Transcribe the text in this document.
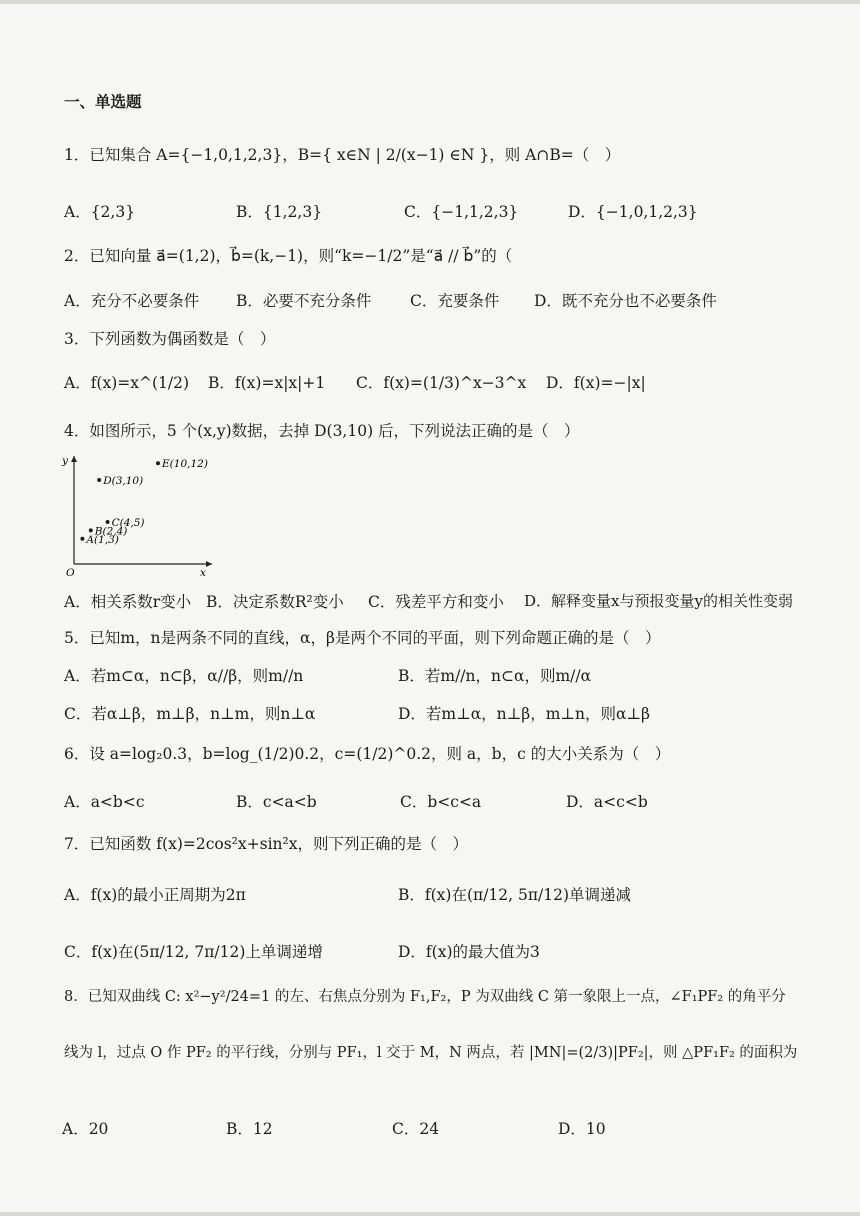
一、单选题
1．已知集合 A={−1,0,1,2,3}，B={ x∈N | 2/(x−1) ∈N }，则 A∩B=（　）
A．{2,3}	B．{1,2,3}	C．{−1,1,2,3}	D．{−1,0,1,2,3}
2．已知向量 a⃗=(1,2)，b⃗=(k,−1)，则“k=−1/2”是“a⃗ // b⃗”的（
A．充分不必要条件 B．必要不充分条件 C．充要条件 D．既不充分也不必要条件
3．下列函数为偶函数是（　）
A．f(x)=x^(1/2) B．f(x)=x|x|+1 C．f(x)=(1/3)^x−3^x D．f(x)=−|x|
4．如图所示，5 个(x,y)数据，去掉 D(3,10) 后，下列说法正确的是（　）
x
y
O
A(1,3)
B(2,4)
C(4,5)
D(3,10)
E(10,12)
A．相关系数r变小 B．决定系数R²变小 C．残差平方和变小 D．解释变量x与预报变量y的相关性变弱
5．已知m，n是两条不同的直线，α，β是两个不同的平面，则下列命题正确的是（　）
A．若m⊂α，n⊂β，α//β，则m//n	B．若m//n，n⊂α，则m//α
C．若α⊥β，m⊥β，n⊥m，则n⊥α	D．若m⊥α，n⊥β，m⊥n，则α⊥β
6．设 a=log₂0.3，b=log_(1/2)0.2，c=(1/2)^0.2，则 a，b，c 的大小关系为（　）
A．a<b<c	B．c<a<b	C．b<c<a	D．a<c<b
7．已知函数 f(x)=2cos²x+sin²x，则下列正确的是（　）
A．f(x)的最小正周期为2π	B．f(x)在(π/12, 5π/12)单调递减
C．f(x)在(5π/12, 7π/12)上单调递增	D．f(x)的最大值为3
8．已知双曲线 C: x²−y²/24=1 的左、右焦点分别为 F₁,F₂，P 为双曲线 C 第一象限上一点，∠F₁PF₂ 的角平分
线为 l，过点 O 作 PF₂ 的平行线，分别与 PF₁，l 交于 M，N 两点，若 |MN|=(2/3)|PF₂|，则 △PF₁F₂ 的面积为
A．20	B．12	C．24	D．10
